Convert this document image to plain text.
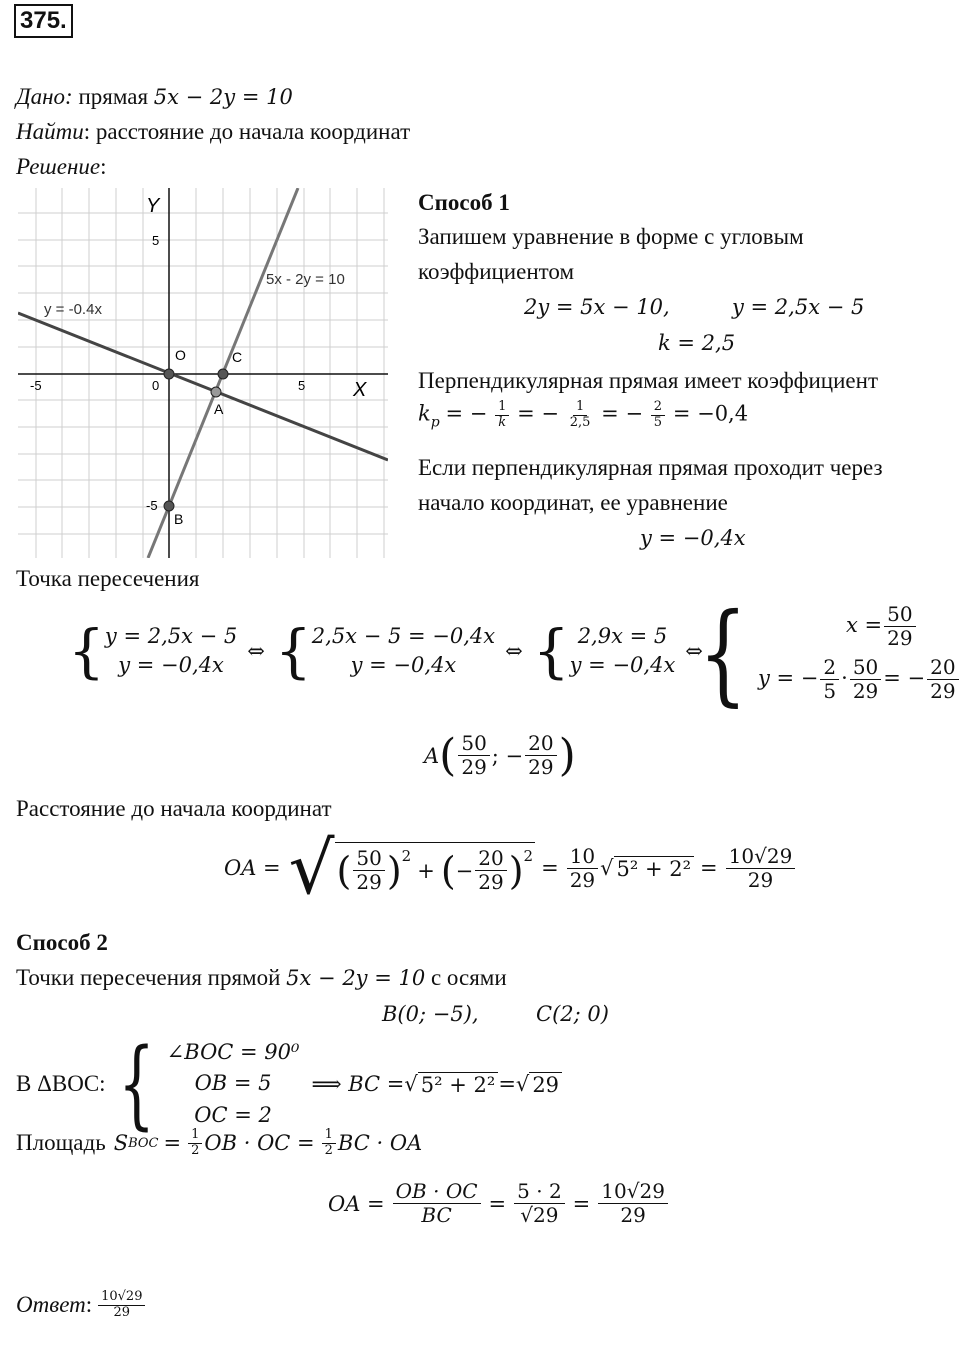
375.
Дано: прямая 5x − 2y = 10
Найти: расстояние до начала координат
Решение:
Y
X
5
-5
-5	0	5
5x - 2y = 10
y = -0.4x
O	C
A
B
Способ 1
Запишем уравнение в форме с угловым
коэффициентом
2y = 5x − 10,	y = 2,5x − 5
k = 2,5
Перпендикулярная прямая имеет коэффициент
$k_p$ = − $\frac{1}{k}$ = − $\frac{1}{2,5}$ = − $\frac{2}{5} = -0,4$
Если перпендикулярная прямая проходит через
начало координат, ее уравнение
y = −0,4x
Точка пересечения
{ y = 2,5x − 5
y = −0,4x
⇔ { 2,5x − 5 = −0,4x
y = −0,4x
⇔ { 2,9x = 5
y = −0,4x
⇔
{	$x = \frac{50}{29}$
y = − $\frac{2}{5} \cdot \frac{50}{29}$ = − $\frac{20}{29}$
A ( $\frac{50}{29}$ ; − $\frac{20}{29}$ )
Расстояние до начала координат
OA = √ ( $\frac{50}{29} )^2$
+ ( − $\frac{20}{29} )^2 = \frac{10}{29}$ √ $5^2 + 2^2 = \frac{10√29}{29}$
Способ 2
Точки пересечения прямой 5x − 2y = 10 с осями
B(0; −5),	C(2; 0)
В ΔBOC: { ∠BOC = 90⁰
OB = 5
OC = 2
⟹ BC = √ 5² + 2² = √ 29
Площадь S BOC = $\frac{1}{2}$ OB · OC = $\frac{1}{2}$ BC · OA
OA = $\frac{OB \cdot OC}{BC} = \frac{5 \cdot 2}{√29} = \frac{10√29}{29}$
Ответ : $\frac{10√29}{29}$
